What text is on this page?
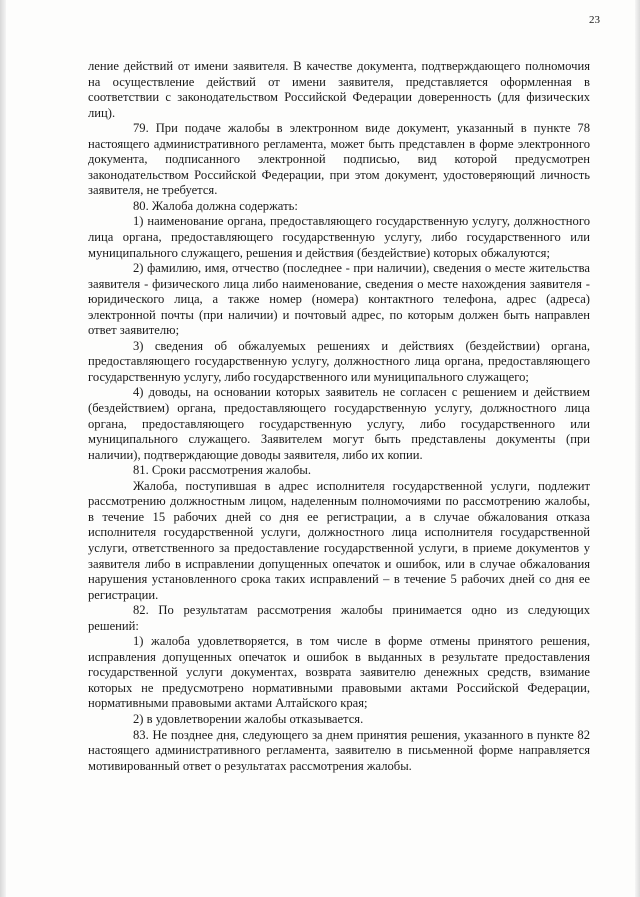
23

ление действий от имени заявителя. В качестве документа, подтверждающего полномочия на осуществление действий от имени заявителя, представляется оформленная в соответствии с законодательством Российской Федерации доверенность (для физических лиц).

79. При подаче жалобы в электронном виде документ, указанный в пункте 78 настоящего административного регламента, может быть представлен в форме электронного документа, подписанного электронной подписью, вид которой предусмотрен законодательством Российской Федерации, при этом документ, удостоверяющий личность заявителя, не требуется.

80. Жалоба должна содержать:

1) наименование органа, предоставляющего государственную услугу, должностного лица органа, предоставляющего государственную услугу, либо государственного или муниципального служащего, решения и действия (бездействие) которых обжалуются;

2) фамилию, имя, отчество (последнее - при наличии), сведения о месте жительства заявителя - физического лица либо наименование, сведения о месте нахождения заявителя - юридического лица, а также номер (номера) контактного телефона, адрес (адреса) электронной почты (при наличии) и почтовый адрес, по которым должен быть направлен ответ заявителю;

3) сведения об обжалуемых решениях и действиях (бездействии) органа, предоставляющего государственную услугу, должностного лица органа, предоставляющего государственную услугу, либо государственного или муниципального служащего;

4) доводы, на основании которых заявитель не согласен с решением и действием (бездействием) органа, предоставляющего государственную услугу, должностного лица органа, предоставляющего государственную услугу, либо государственного или муниципального служащего. Заявителем могут быть представлены документы (при наличии), подтверждающие доводы заявителя, либо их копии.

81. Сроки рассмотрения жалобы.

Жалоба, поступившая в адрес исполнителя государственной услуги, подлежит рассмотрению должностным лицом, наделенным полномочиями по рассмотрению жалобы, в течение 15 рабочих дней со дня ее регистрации, а в случае обжалования отказа исполнителя государственной услуги, должностного лица исполнителя государственной услуги, ответственного за предоставление государственной услуги, в приеме документов у заявителя либо в исправлении допущенных опечаток и ошибок, или в случае обжалования нарушения установленного срока таких исправлений – в течение 5 рабочих дней со дня ее регистрации.

82. По результатам рассмотрения жалобы принимается одно из следующих решений:

1) жалоба удовлетворяется, в том числе в форме отмены принятого решения, исправления допущенных опечаток и ошибок в выданных в результате предоставления государственной услуги документах, возврата заявителю денежных средств, взимание которых не предусмотрено нормативными правовыми актами Российской Федерации, нормативными правовыми актами Алтайского края;

2) в удовлетворении жалобы отказывается.

83. Не позднее дня, следующего за днем принятия решения, указанного в пункте 82 настоящего административного регламента, заявителю в письменной форме направляется мотивированный ответ о результатах рассмотрения жалобы.
